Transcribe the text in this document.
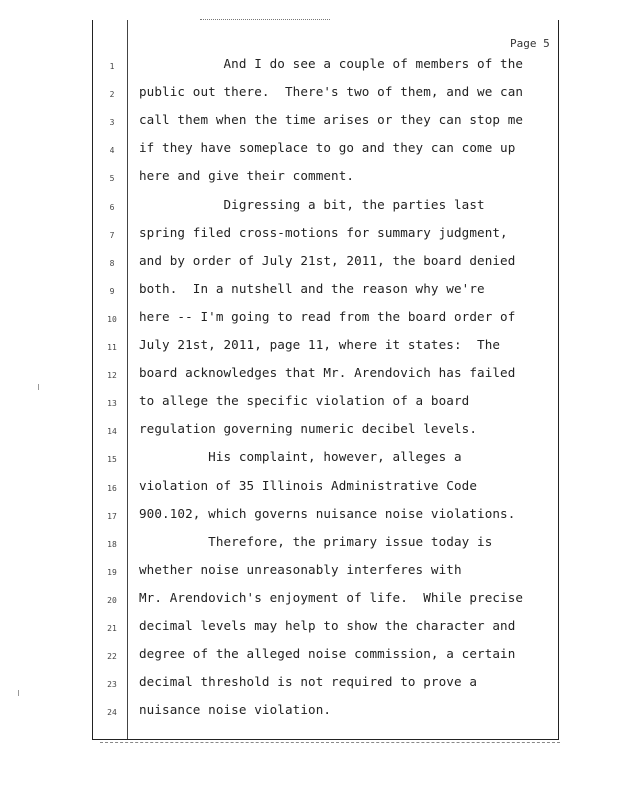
Page 5
1	And I do see a couple of members of the
2	public out there.  There's two of them, and we can
3	call them when the time arises or they can stop me
4	if they have someplace to go and they can come up
5	here and give their comment.
6	Digressing a bit, the parties last
7	spring filed cross-motions for summary judgment,
8	and by order of July 21st, 2011, the board denied
9	both.  In a nutshell and the reason why we're
10	here -- I'm going to read from the board order of
11	July 21st, 2011, page 11, where it states:  The
12	board acknowledges that Mr. Arendovich has failed
13	to allege the specific violation of a board
14	regulation governing numeric decibel levels.
15	His complaint, however, alleges a
16	violation of 35 Illinois Administrative Code
17	900.102, which governs nuisance noise violations.
18	Therefore, the primary issue today is
19	whether noise unreasonably interferes with
20	Mr. Arendovich's enjoyment of life.  While precise
21	decimal levels may help to show the character and
22	degree of the alleged noise commission, a certain
23	decimal threshold is not required to prove a
24	nuisance noise violation.
